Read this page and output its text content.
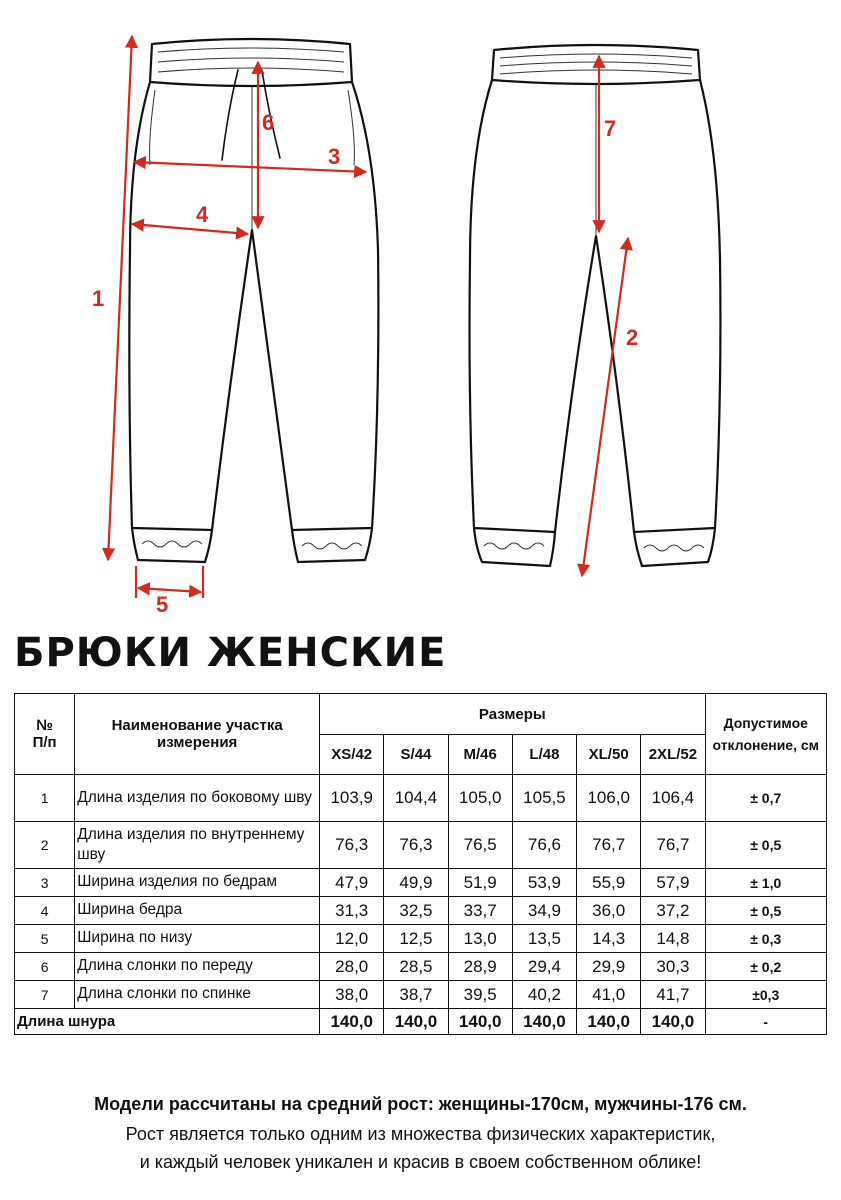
1
2
3
4
5
6	7
БРЮКИ ЖЕНСКИЕ
№
П/п	Наименование участка измерения	Размеры						Допустимое отклонение, см
		XS/42	S/44	M/46	L/48	XL/50	2XL/52	
1	Длина изделия по боковому шву	103,9	104,4	105,0	105,5	106,0	106,4	± 0,7
2	Длина изделия по внутреннему шву	76,3	76,3	76,5	76,6	76,7	76,7	± 0,5
3	Ширина изделия по бедрам	47,9	49,9	51,9	53,9	55,9	57,9	± 1,0
4	Ширина бедра	31,3	32,5	33,7	34,9	36,0	37,2	± 0,5
5	Ширина по низу	12,0	12,5	13,0	13,5	14,3	14,8	± 0,3
6	Длина слонки по переду	28,0	28,5	28,9	29,4	29,9	30,3	± 0,2
7	Длина слонки по спинке	38,0	38,7	39,5	40,2	41,0	41,7	±0,3
Длина шнура		140,0	140,0	140,0	140,0	140,0	140,0	-
Модели рассчитаны на средний рост: женщины-170см, мужчины-176 см.
Рост является только одним из множества физических характеристик,
и каждый человек уникален и красив в своем собственном облике!
